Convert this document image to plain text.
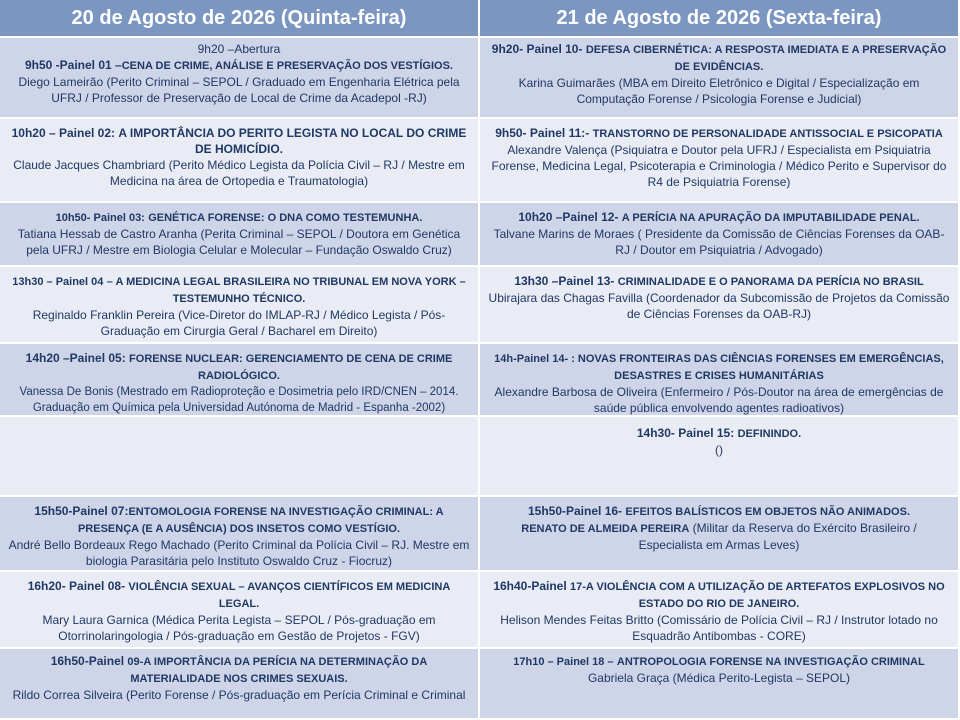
20 de Agosto de 2026 (Quinta-feira)	21 de Agosto de 2026 (Sexta-feira)
9h20 –Abertura
9h50 -Painel 01 –CENA DE CRIME, ANÁLISE E PRESERVAÇÃO DOS VESTÍGIOS.
Diego Lameirão (Perito Criminal – SEPOL / Graduado em Engenharia Elétrica pela UFRJ / Professor de Preservação de Local de Crime da Acadepol -RJ)
9h20- Painel 10- DEFESA CIBERNÉTICA: A RESPOSTA IMEDIATA E A PRESERVAÇÃO DE EVIDÊNCIAS.
Karina Guimarães (MBA em Direito Eletrônico e Digital / Especialização em Computação Forense / Psicologia Forense e Judicial)
10h20 – Painel 02: A IMPORTÂNCIA DO PERITO LEGISTA NO LOCAL DO CRIME DE HOMICÍDIO.
Claude Jacques Chambriard (Perito Médico Legista da Polícia Civil – RJ / Mestre em Medicina na área de Ortopedia e Traumatologia)
9h50- Painel 11:- TRANSTORNO DE PERSONALIDADE ANTISSOCIAL E PSICOPATIA
Alexandre Valença (Psiquiatra e Doutor pela UFRJ / Especialista em Psiquiatria Forense, Medicina Legal, Psicoterapia e Criminologia / Médico Perito e Supervisor do R4 de Psiquiatria Forense)
10h50- Painel 03: GENÉTICA FORENSE: O DNA COMO TESTEMUNHA.
Tatiana Hessab de Castro Aranha (Perita Criminal – SEPOL / Doutora em Genética pela UFRJ / Mestre em Biologia Celular e Molecular – Fundação Oswaldo Cruz)
10h20 –Painel 12- A PERÍCIA NA APURAÇÃO DA IMPUTABILIDADE PENAL.
Talvane Marins de Moraes ( Presidente da Comissão de Ciências Forenses da OAB-RJ / Doutor em Psiquiatria / Advogado)
13h30 – Painel 04 – A MEDICINA LEGAL BRASILEIRA NO TRIBUNAL EM NOVA YORK – TESTEMUNHO TÉCNICO.
Reginaldo Franklin Pereira (Vice-Diretor do IMLAP-RJ / Médico Legista / Pós-Graduação em Cirurgia Geral / Bacharel em Direito)
13h30 –Painel 13- CRIMINALIDADE E O PANORAMA DA PERÍCIA NO BRASIL
Ubirajara das Chagas Favilla (Coordenador da Subcomissão de Projetos da Comissão de Ciências Forenses da OAB-RJ)
14h20 –Painel 05: FORENSE NUCLEAR: GERENCIAMENTO DE CENA DE CRIME RADIOLÓGICO.
Vanessa De Bonis (Mestrado em Radioproteção e Dosimetria pelo IRD/CNEN – 2014. Graduação em Química pela Universidad Autónoma de Madrid - Espanha -2002)
14h-Painel 14- : NOVAS FRONTEIRAS DAS CIÊNCIAS FORENSES EM EMERGÊNCIAS, DESASTRES E CRISES HUMANITÁRIAS
Alexandre Barbosa de Oliveira (Enfermeiro / Pós-Doutor na área de emergências de saúde pública envolvendo agentes radioativos)
14h30- Painel 15: DEFININDO.
()
15h50-Painel 07:ENTOMOLOGIA FORENSE NA INVESTIGAÇÃO CRIMINAL: A PRESENÇA (E A AUSÊNCIA) DOS INSETOS COMO VESTÍGIO.
André Bello Bordeaux Rego Machado (Perito Criminal da Polícia Civil – RJ. Mestre em biologia Parasitária pelo Instituto Oswaldo Cruz - Fiocruz)
15h50-Painel 16- EFEITOS BALÍSTICOS EM OBJETOS NÃO ANIMADOS.
RENATO DE ALMEIDA PEREIRA (Militar da Reserva do Exército Brasileiro / Especialista em Armas Leves)
16h20- Painel 08- VIOLÊNCIA SEXUAL – AVANÇOS CIENTÍFICOS EM MEDICINA LEGAL.
Mary Laura Garnica (Médica Perita Legista – SEPOL / Pós-graduação em Otorrinolaringologia / Pós-graduação em Gestão de Projetos - FGV)
16h40-Painel 17-A VIOLÊNCIA COM A UTILIZAÇÃO DE ARTEFATOS EXPLOSIVOS NO ESTADO DO RIO DE JANEIRO.
Helison Mendes Feitas Britto (Comissário de Polícia Civil – RJ / Instrutor lotado no Esquadrão Antibombas - CORE)
16h50-Painel 09-A IMPORTÂNCIA DA PERÍCIA NA DETERMINAÇÃO DA MATERIALIDADE NOS CRIMES SEXUAIS.
Rildo Correa Silveira (Perito Forense / Pós-graduação em Perícia Criminal e Criminal
17h10 – Painel 18 – ANTROPOLOGIA FORENSE NA INVESTIGAÇÃO CRIMINAL
Gabriela Graça (Médica Perito-Legista – SEPOL)
